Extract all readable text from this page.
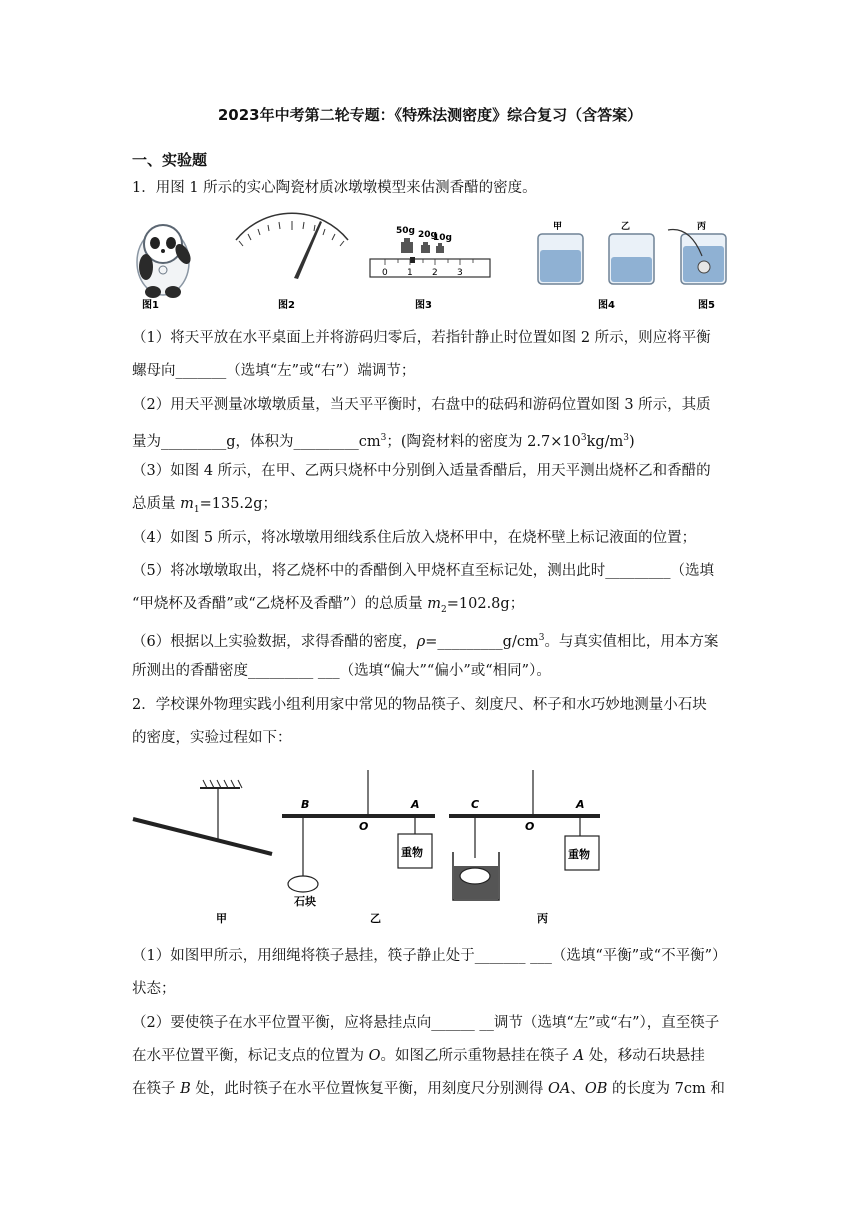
2023年中考第二轮专题：《特殊法测密度》综合复习（含答案）
一、实验题
1．用图 1 所示的实心陶瓷材质冰墩墩模型来估测香醋的密度。
50g 20g
10g
0 1 2 3
甲	乙	丙
图1	图2	图3	图4	图5
（1）将天平放在水平桌面上并将游码归零后，若指针静止时位置如图 2 所示，则应将平衡
螺母向_______（选填“左”或“右”）端调节；
（2）用天平测量冰墩墩质量，当天平平衡时，右盘中的砝码和游码位置如图 3 所示，其质
量为_________g，体积为$\_\_\_\_\_\_\_\_\_cm^3$；(陶瓷材料的密度为 $2.7\times 10^3kg/m^3$)
（3）如图 4 所示，在甲、乙两只烧杯中分别倒入适量香醋后，用天平测出烧杯乙和香醋的
总质量 $m_1=135.2g$；
（4）如图 5 所示，将冰墩墩用细线系住后放入烧杯甲中，在烧杯壁上标记液面的位置；
（5）将冰墩墩取出，将乙烧杯中的香醋倒入甲烧杯直至标记处，测出此时_________（选填
“甲烧杯及香醋”或“乙烧杯及香醋”）的总质量 $m_2=102.8g$；
（6）根据以上实验数据，求得香醋的密度，$\rho=\_\_\_\_\_\_\_\_\_g/cm^3$。与真实值相比，用本方案
所测出的香醋密度_________ ___（选填“偏大”“偏小”或“相同”）。
2．学校课外物理实践小组利用家中常见的物品筷子、刻度尺、杯子和水巧妙地测量小石块
的密度，实验过程如下：
B
O
A
重物
石块
C
O
A
重物
甲	乙	丙
（1）如图甲所示，用细绳将筷子悬挂，筷子静止处于_______ ___（选填“平衡”或“不平衡”）
状态；
（2）要使筷子在水平位置平衡，应将悬挂点向______ __调节（选填“左”或“右”），直至筷子
在水平位置平衡，标记支点的位置为 O。如图乙所示重物悬挂在筷子 A 处，移动石块悬挂
在筷子 B 处，此时筷子在水平位置恢复平衡，用刻度尺分别测得 OA、OB 的长度为 7cm 和
